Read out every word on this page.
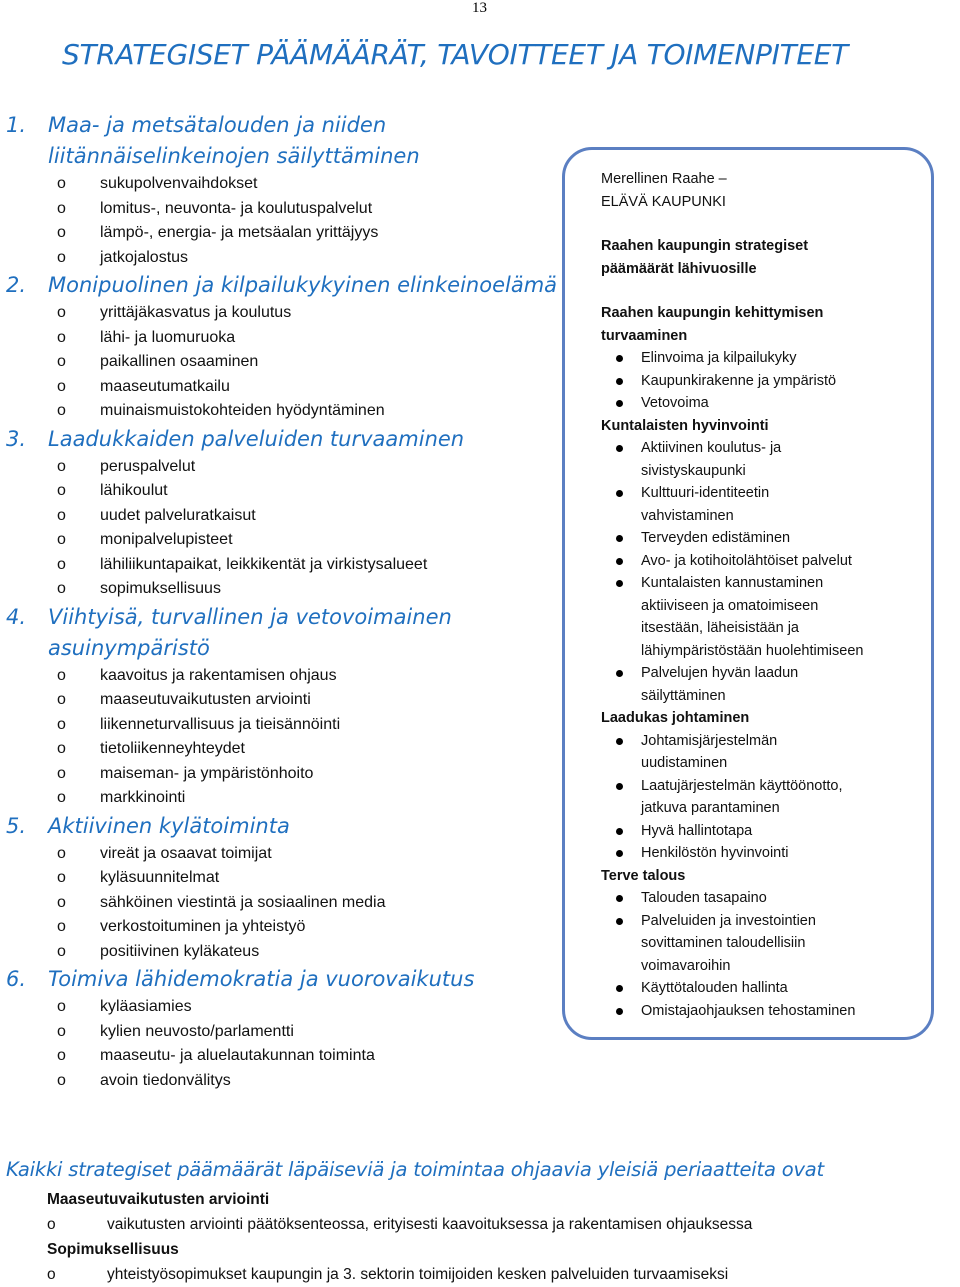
13
STRATEGISET PÄÄMÄÄRÄT, TAVOITTEET JA TOIMENPITEET
1.	Maa- ja metsätalouden ja niiden liitännäiselinkeinojen säilyttäminen
o sukupolvenvaihdokset
o lomitus-, neuvonta- ja koulutuspalvelut
o lämpö-, energia- ja metsäalan yrittäjyys
o jatkojalostus
2.	Monipuolinen ja kilpailukykyinen elinkeinoelämä
o yrittäjäkasvatus ja koulutus
o lähi- ja luomuruoka
o paikallinen osaaminen
o maaseutumatkailu
o muinaismuistokohteiden hyödyntäminen
3.	Laadukkaiden palveluiden turvaaminen
o peruspalvelut
o lähikoulut
o uudet palveluratkaisut
o monipalvelupisteet
o lähiliikuntapaikat, leikkikentät ja virkistysalueet
o sopimuksellisuus
4.	Viihtyisä, turvallinen ja vetovoimainen asuinympäristö
o kaavoitus ja rakentamisen ohjaus
o maaseutuvaikutusten arviointi
o liikenneturvallisuus ja tieisännöinti
o tietoliikenneyhteydet
o maiseman- ja ympäristönhoito
o markkinointi
5.	Aktiivinen kylätoiminta
o vireät ja osaavat toimijat
o kyläsuunnitelmat
o sähköinen viestintä ja sosiaalinen media
o verkostoituminen ja yhteistyö
o positiivinen kyläkateus
6.	Toimiva lähidemokratia ja vuorovaikutus
o kyläasiamies
o kylien neuvosto/parlamentti
o maaseutu- ja aluelautakunnan toiminta
o avoin tiedonvälitys
Merellinen Raahe –
ELÄVÄ KAUPUNKI
Raahen kaupungin strategiset
päämäärät lähivuosille
Raahen kaupungin kehittymisen
turvaaminen
Elinvoima ja kilpailukyky
Kaupunkirakenne ja ympäristö
Vetovoima
Kuntalaisten hyvinvointi
Aktiivinen koulutus- ja
sivistyskaupunki
Kulttuuri-identiteetin
vahvistaminen
Terveyden edistäminen
Avo- ja kotihoitolähtöiset palvelut
Kuntalaisten kannustaminen
aktiiviseen ja omatoimiseen
itsestään, läheisistään ja
lähiympäristöstään huolehtimiseen
Palvelujen hyvän laadun
säilyttäminen
Laadukas johtaminen
Johtamisjärjestelmän
uudistaminen
Laatujärjestelmän käyttöönotto,
jatkuva parantaminen
Hyvä hallintotapa
Henkilöstön hyvinvointi
Terve talous
Talouden tasapaino
Palveluiden ja investointien
sovittaminen taloudellisiin
voimavaroihin
Käyttötalouden hallinta
Omistajaohjauksen tehostaminen
Kaikki strategiset päämäärät läpäiseviä ja toimintaa ohjaavia yleisiä periaatteita ovat
Maaseutuvaikutusten arviointi
o	vaikutusten arviointi päätöksenteossa, erityisesti kaavoituksessa ja rakentamisen ohjauksessa
Sopimuksellisuus
o	yhteistyösopimukset kaupungin ja 3. sektorin toimijoiden kesken palveluiden turvaamiseksi
